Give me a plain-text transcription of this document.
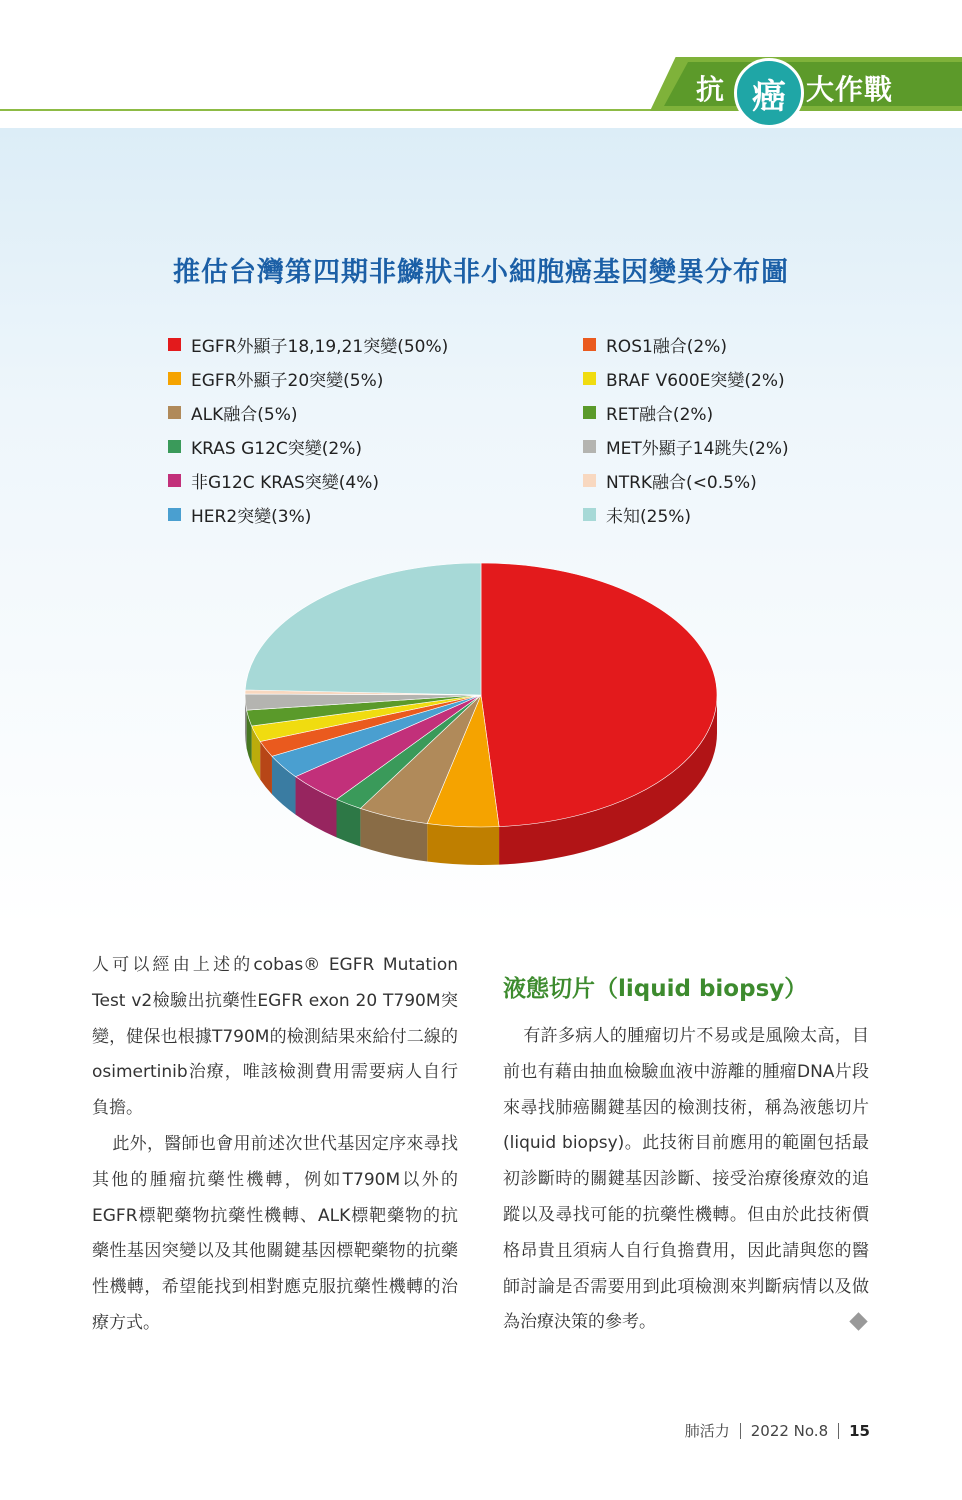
抗 癌 大作戰
推估台灣第四期非鱗狀非小細胞癌基因變異分布圖
EGFR外顯子18,19,21突變(50%)
EGFR外顯子20突變(5%)
ALK融合(5%)
KRAS G12C突變(2%)
非G12C KRAS突變(4%)
HER2突變(3%)
ROS1融合(2%)
BRAF V600E突變(2%)
RET融合(2%)
MET外顯子14跳失(2%)
NTRK融合(<0.5%)
未知(25%)

人可以經由上述的cobas® EGFR Mutation Test v2檢驗出抗藥性EGFR exon 20 T790M突變，健保也根據T790M的檢測結果來給付二線的osimertinib治療，唯該檢測費用需要病人自行負擔。

此外，醫師也會用前述次世代基因定序來尋找其他的腫瘤抗藥性機轉，例如T790M以外的EGFR標靶藥物抗藥性機轉、ALK標靶藥物的抗藥性基因突變以及其他關鍵基因標靶藥物的抗藥性機轉，希望能找到相對應克服抗藥性機轉的治療方式。

液態切片（liquid biopsy）

有許多病人的腫瘤切片不易或是風險太高，目前也有藉由抽血檢驗血液中游離的腫瘤DNA片段來尋找肺癌關鍵基因的檢測技術，稱為液態切片(liquid biopsy)。此技術目前應用的範圍包括最初診斷時的關鍵基因診斷、接受治療後療效的追蹤以及尋找可能的抗藥性機轉。但由於此技術價格昂貴且須病人自行負擔費用，因此請與您的醫師討論是否需要用到此項檢測來判斷病情以及做為治療決策的參考。

肺活力 2022 No.8 15
